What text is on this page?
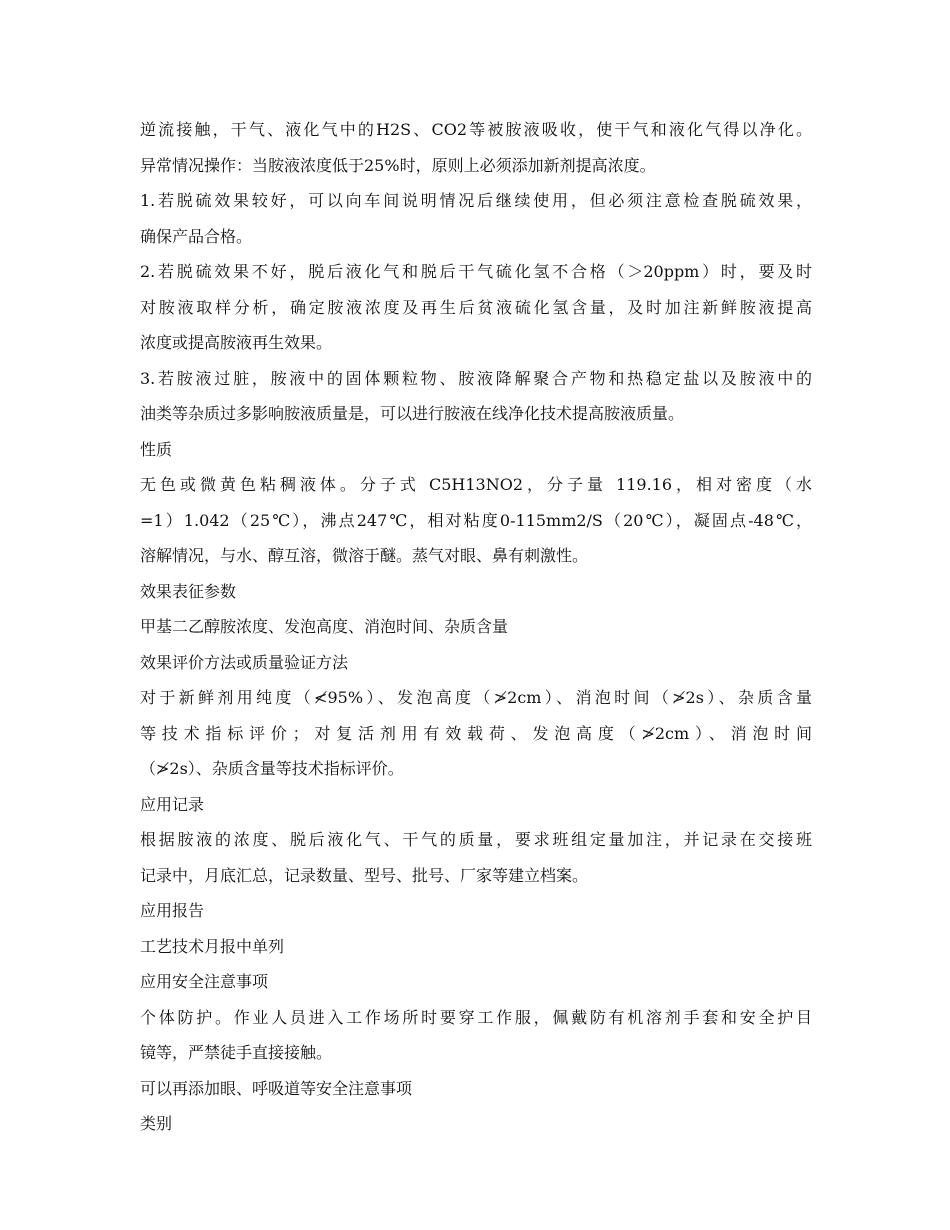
逆流接触，干气、液化气中的H2S、CO2等被胺液吸收，使干气和液化气得以净化。
异常情况操作：当胺液浓度低于25%时，原则上必须添加新剂提高浓度。
1.若脱硫效果较好，可以向车间说明情况后继续使用，但必须注意检查脱硫效果，
确保产品合格。
2.若脱硫效果不好，脱后液化气和脱后干气硫化氢不合格（＞20ppm）时，要及时
对胺液取样分析，确定胺液浓度及再生后贫液硫化氢含量，及时加注新鲜胺液提高
浓度或提高胺液再生效果。
3.若胺液过脏，胺液中的固体颗粒物、胺液降解聚合产物和热稳定盐以及胺液中的
油类等杂质过多影响胺液质量是，可以进行胺液在线净化技术提高胺液质量。
性质
无色或微黄色粘稠液体。分子式 C5H13NO2，分子量 119.16，相对密度（水
=1）1.042（25℃），沸点247℃，相对粘度0-115mm2/S（20℃），凝固点-48℃，
溶解情况，与水、醇互溶，微溶于醚。蒸气对眼、鼻有刺激性。
效果表征参数
甲基二乙醇胺浓度、发泡高度、消泡时间、杂质含量
效果评价方法或质量验证方法
对于新鲜剂用纯度（≮95%）、发泡高度（≯2cm）、消泡时间（≯2s）、杂质含量
等技术指标评价；对复活剂用有效载荷、发泡高度（≯2cm）、消泡时间
（≯2s）、杂质含量等技术指标评价。
应用记录
根据胺液的浓度、脱后液化气、干气的质量，要求班组定量加注，并记录在交接班
记录中，月底汇总，记录数量、型号、批号、厂家等建立档案。
应用报告
工艺技术月报中单列
应用安全注意事项
个体防护。作业人员进入工作场所时要穿工作服，佩戴防有机溶剂手套和安全护目
镜等，严禁徒手直接接触。
可以再添加眼、呼吸道等安全注意事项
类别
